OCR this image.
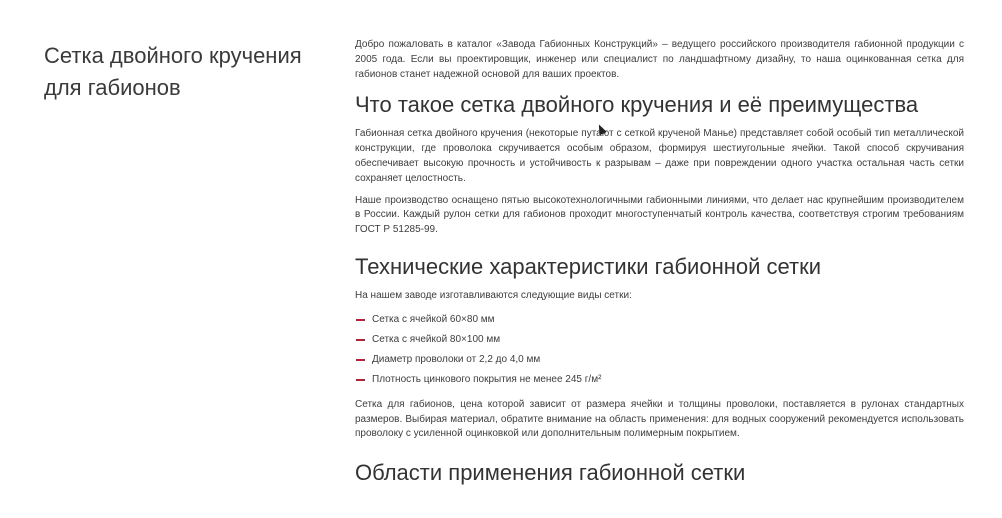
Сетка двойного кручения для габионов

Добро пожаловать в каталог «Завода Габионных Конструкций» – ведущего российского производителя габионной продукции с 2005 года. Если вы проектировщик, инженер или специалист по ландшафтному дизайну, то наша оцинкованная сетка для габионов станет надежной основой для ваших проектов.

Что такое сетка двойного кручения и её преимущества

Габионная сетка двойного кручения (некоторые путают с сеткой крученой Манье) представляет собой особый тип металлической конструкции, где проволока скручивается особым образом, формируя шестиугольные ячейки. Такой способ скручивания обеспечивает высокую прочность и устойчивость к разрывам – даже при повреждении одного участка остальная часть сетки сохраняет целостность.

Наше производство оснащено пятью высокотехнологичными габионными линиями, что делает нас крупнейшим производителем в России. Каждый рулон сетки для габионов проходит многоступенчатый контроль качества, соответствуя строгим требованиям ГОСТ Р 51285-99.

Технические характеристики габионной сетки

На нашем заводе изготавливаются следующие виды сетки:

Сетка с ячейкой 60×80 мм
Сетка с ячейкой 80×100 мм
Диаметр проволоки от 2,2 до 4,0 мм
Плотность цинкового покрытия не менее 245 г/м²

Сетка для габионов, цена которой зависит от размера ячейки и толщины проволоки, поставляется в рулонах стандартных размеров. Выбирая материал, обратите внимание на область применения: для водных сооружений рекомендуется использовать проволоку с усиленной оцинковкой или дополнительным полимерным покрытием.

Области применения габионной сетки
